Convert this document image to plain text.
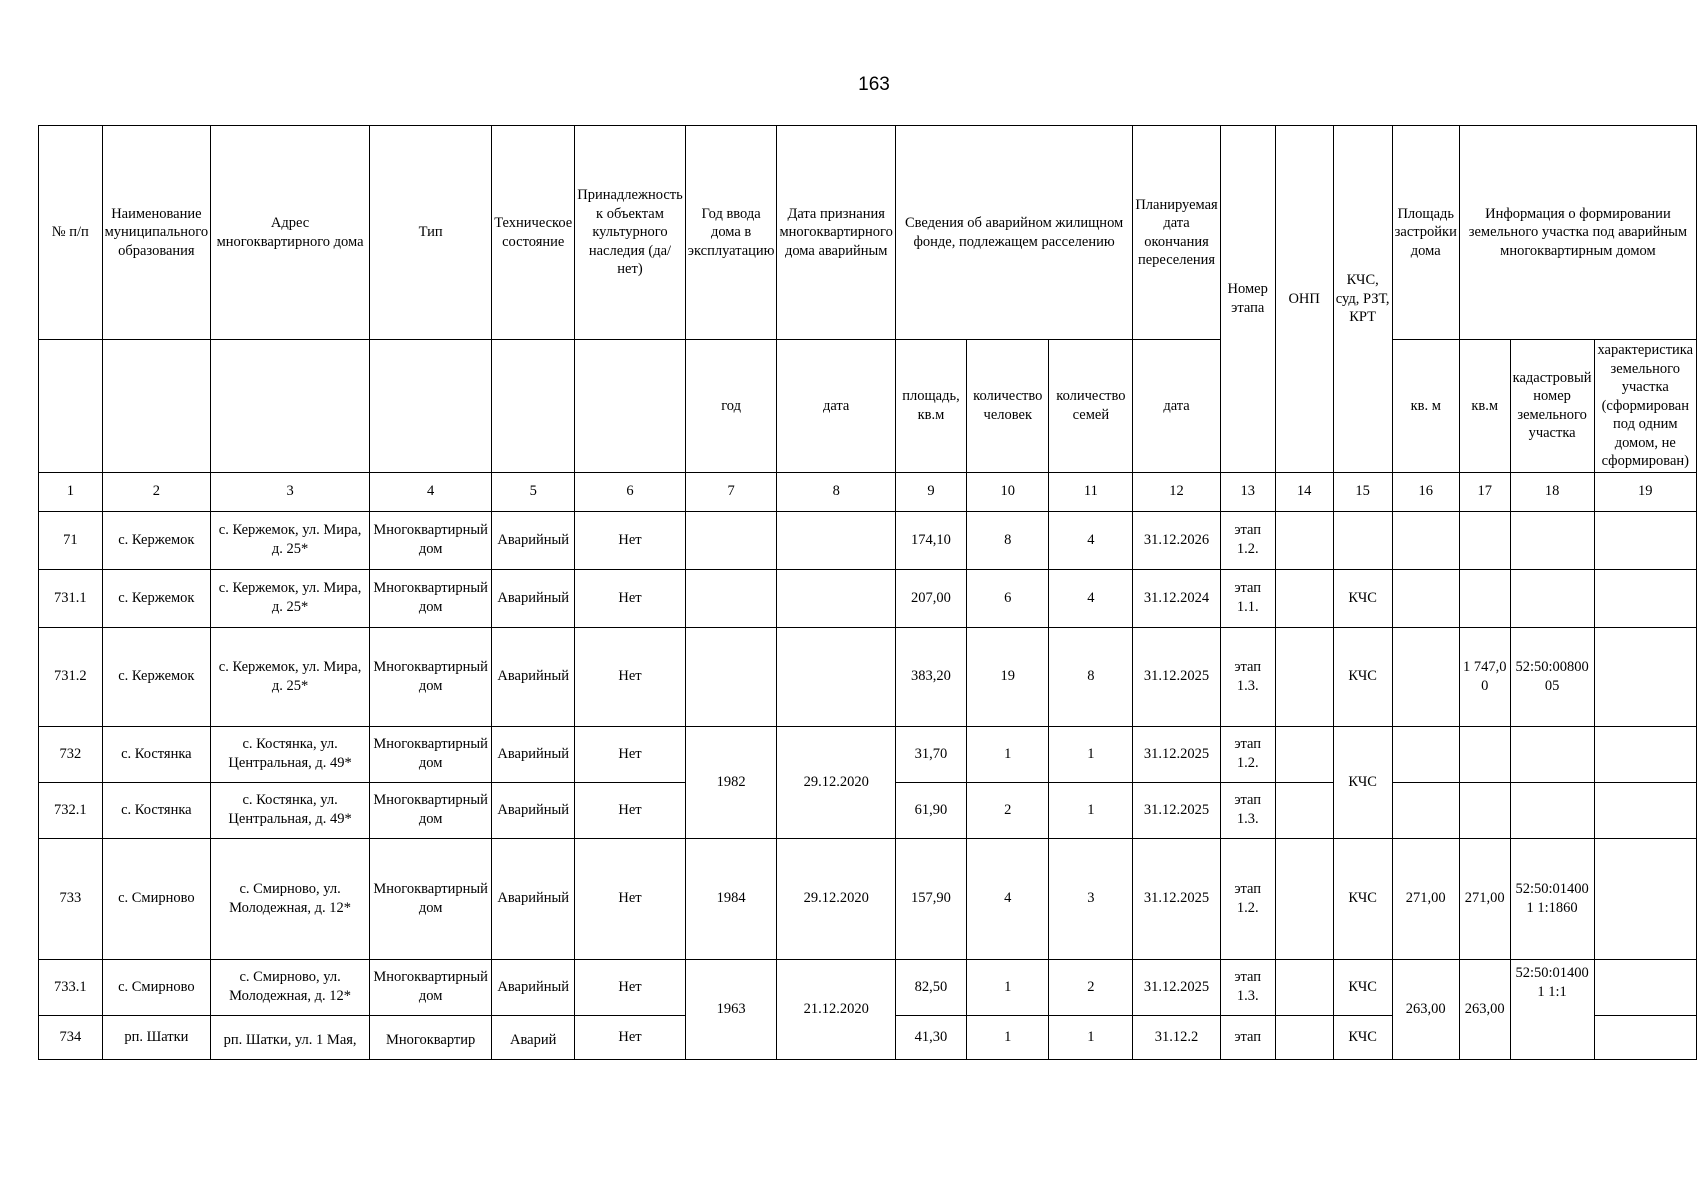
163
№ п/п	Наименование муниципального образования	Адрес многоквартирного дома	Тип	Техническое состояние	Принадлежность к объектам культурного наследия (да/нет)	Год ввода дома в эксплуатацию	Дата признания многоквартирного дома аварийным	Сведения об аварийном жилищном фонде, подлежащем расселению			Планируемая дата окончания переселения	Номер этапа	ОНП	КЧС, суд, РЗТ, КРТ	Площадь застройки дома	Информация о формировании земельного участка под аварийным многоквартирным домом		

						год	дата	площадь, кв.м	количество человек	количество семей	дата				кв. м	кв.м	кадастровый номер земельного участка	характеристика земельного участка (сформирован под одним домом, не сформирован)
1	2	3	4	5	6	7	8	9	10	11	12	13	14	15	16	17	18	19
71	с. Кержемок	с. Кержемок, ул. Мира, д. 25*	Многоквартирный дом	Аварийный	Нет			174,10	8	4	31.12.2026	этап 1.2.						
731.1	с. Кержемок	с. Кержемок, ул. Мира, д. 25*	Многоквартирный дом	Аварийный	Нет			207,00	6	4	31.12.2024	этап 1.1.		КЧС				
731.2	с. Кержемок	с. Кержемок, ул. Мира, д. 25*	Многоквартирный дом	Аварийный	Нет			383,20	19	8	31.12.2025	этап 1.3.		КЧС		1 747,00	52:50:0080005	
732	с. Костянка	с. Костянка, ул. Центральная, д. 49*	Многоквартирный дом	Аварийный	Нет	1982	29.12.2020	31,70	1	1	31.12.2025	этап 1.2.		КЧС				
732.1	с. Костянка	с. Костянка, ул. Центральная, д. 49*	Многоквартирный дом	Аварийный	Нет			61,90	2	1	31.12.2025	этап 1.3.						
733	с. Смирново	с. Смирново, ул. Молодежная, д. 12*	Многоквартирный дом	Аварийный	Нет	1984	29.12.2020	157,90	4	3	31.12.2025	этап 1.2.		КЧС	271,00	271,00	52:50:014001 1:1860	
733.1	с. Смирново	с. Смирново, ул. Молодежная, д. 12*	Многоквартирный дом	Аварийный	Нет	1963	21.12.2020	82,50	1	2	31.12.2025	этап 1.3.		КЧС	263,00	263,00	52:50:014001 1:1	
734	рп. Шатки	рп. Шатки, ул. 1 Мая,	Многоквартир	Аварий	Нет			41,30	1	1	31.12.2	этап		КЧС				
